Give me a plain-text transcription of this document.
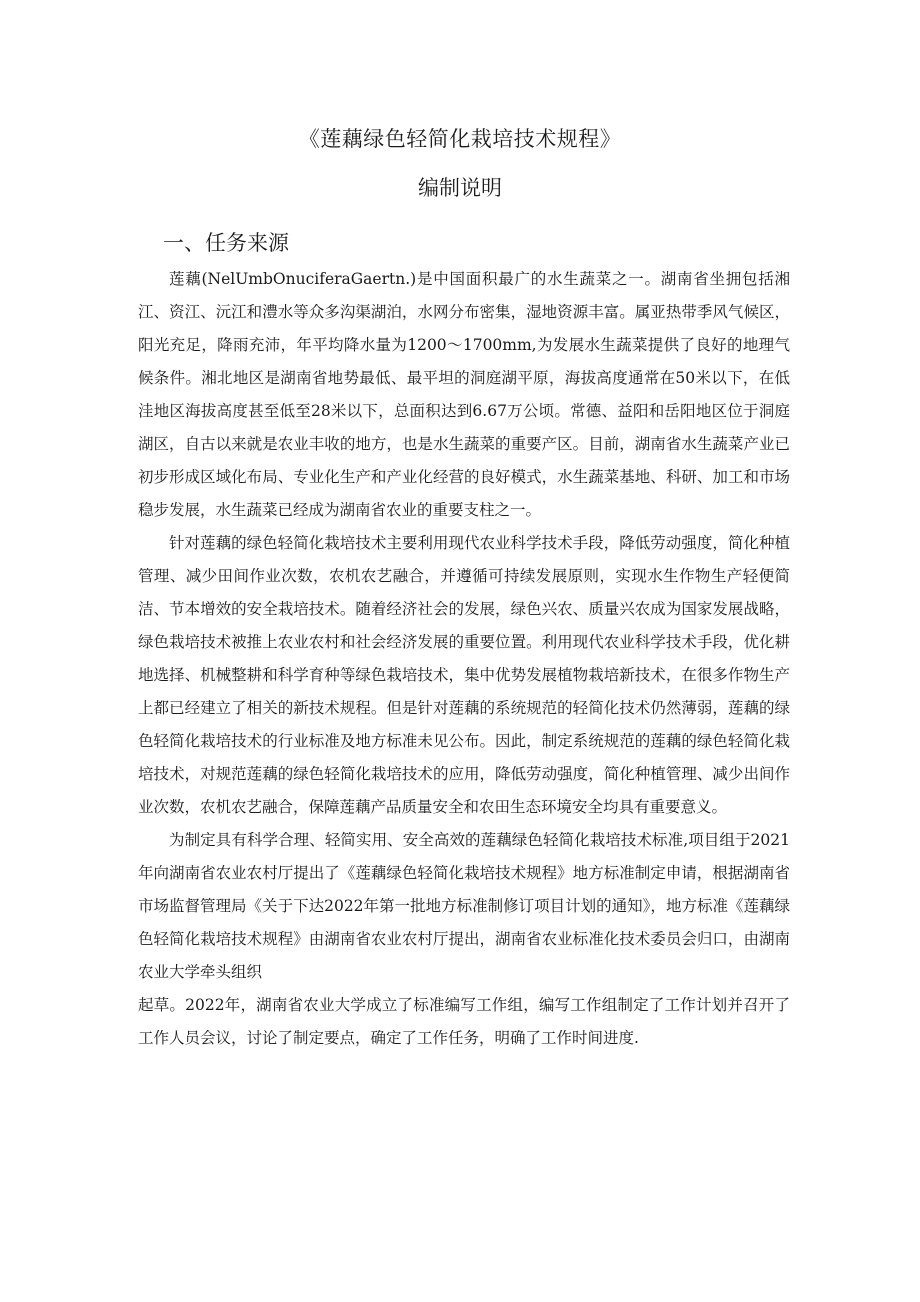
《莲藕绿色轻简化栽培技术规程》
编制说明
一、任务来源

莲藕(NelUmbOnuciferaGaertn.)是中国面积最广的水生蔬菜之一。湖南省坐拥包括湘江、资江、沅江和澧水等众多沟渠湖泊，水网分布密集，湿地资源丰富。属亚热带季风气候区，阳光充足，降雨充沛，年平均降水量为1200～1700mm,为发展水生蔬菜提供了良好的地理气候条件。湘北地区是湖南省地势最低、最平坦的洞庭湖平原，海拔高度通常在50米以下，在低洼地区海拔高度甚至低至28米以下，总面积达到6.67万公顷。常德、益阳和岳阳地区位于洞庭湖区，自古以来就是农业丰收的地方，也是水生蔬菜的重要产区。目前，湖南省水生蔬菜产业已初步形成区域化布局、专业化生产和产业化经营的良好模式，水生蔬菜基地、科研、加工和市场稳步发展，水生蔬菜已经成为湖南省农业的重要支柱之一。

针对莲藕的绿色轻简化栽培技术主要利用现代农业科学技术手段，降低劳动强度，简化种植管理、减少田间作业次数，农机农艺融合，并遵循可持续发展原则，实现水生作物生产轻便简洁、节本增效的安全栽培技术。随着经济社会的发展，绿色兴农、质量兴农成为国家发展战略，绿色栽培技术被推上农业农村和社会经济发展的重要位置。利用现代农业科学技术手段，优化耕地选择、机械整耕和科学育种等绿色栽培技术，集中优势发展植物栽培新技术，在很多作物生产上都已经建立了相关的新技术规程。但是针对莲藕的系统规范的轻简化技术仍然薄弱，莲藕的绿色轻简化栽培技术的行业标准及地方标准未见公布。因此，制定系统规范的莲藕的绿色轻简化栽培技术，对规范莲藕的绿色轻简化栽培技术的应用，降低劳动强度，简化种植管理、减少出间作业次数，农机农艺融合，保障莲藕产品质量安全和农田生态环境安全均具有重要意义。

为制定具有科学合理、轻简实用、安全高效的莲藕绿色轻简化栽培技术标准,项目组于2021年向湖南省农业农村厅提出了《莲藕绿色轻简化栽培技术规程》地方标准制定申请，根据湖南省市场监督管理局《关于下达2022年第一批地方标准制修订项目计划的通知》，地方标准《莲藕绿色轻简化栽培技术规程》由湖南省农业农村厅提出，湖南省农业标准化技术委员会归口，由湖南农业大学牵头组织

起草。2022年，湖南省农业大学成立了标准编写工作组，编写工作组制定了工作计划并召开了工作人员会议，讨论了制定要点，确定了工作任务，明确了工作时间进度.
